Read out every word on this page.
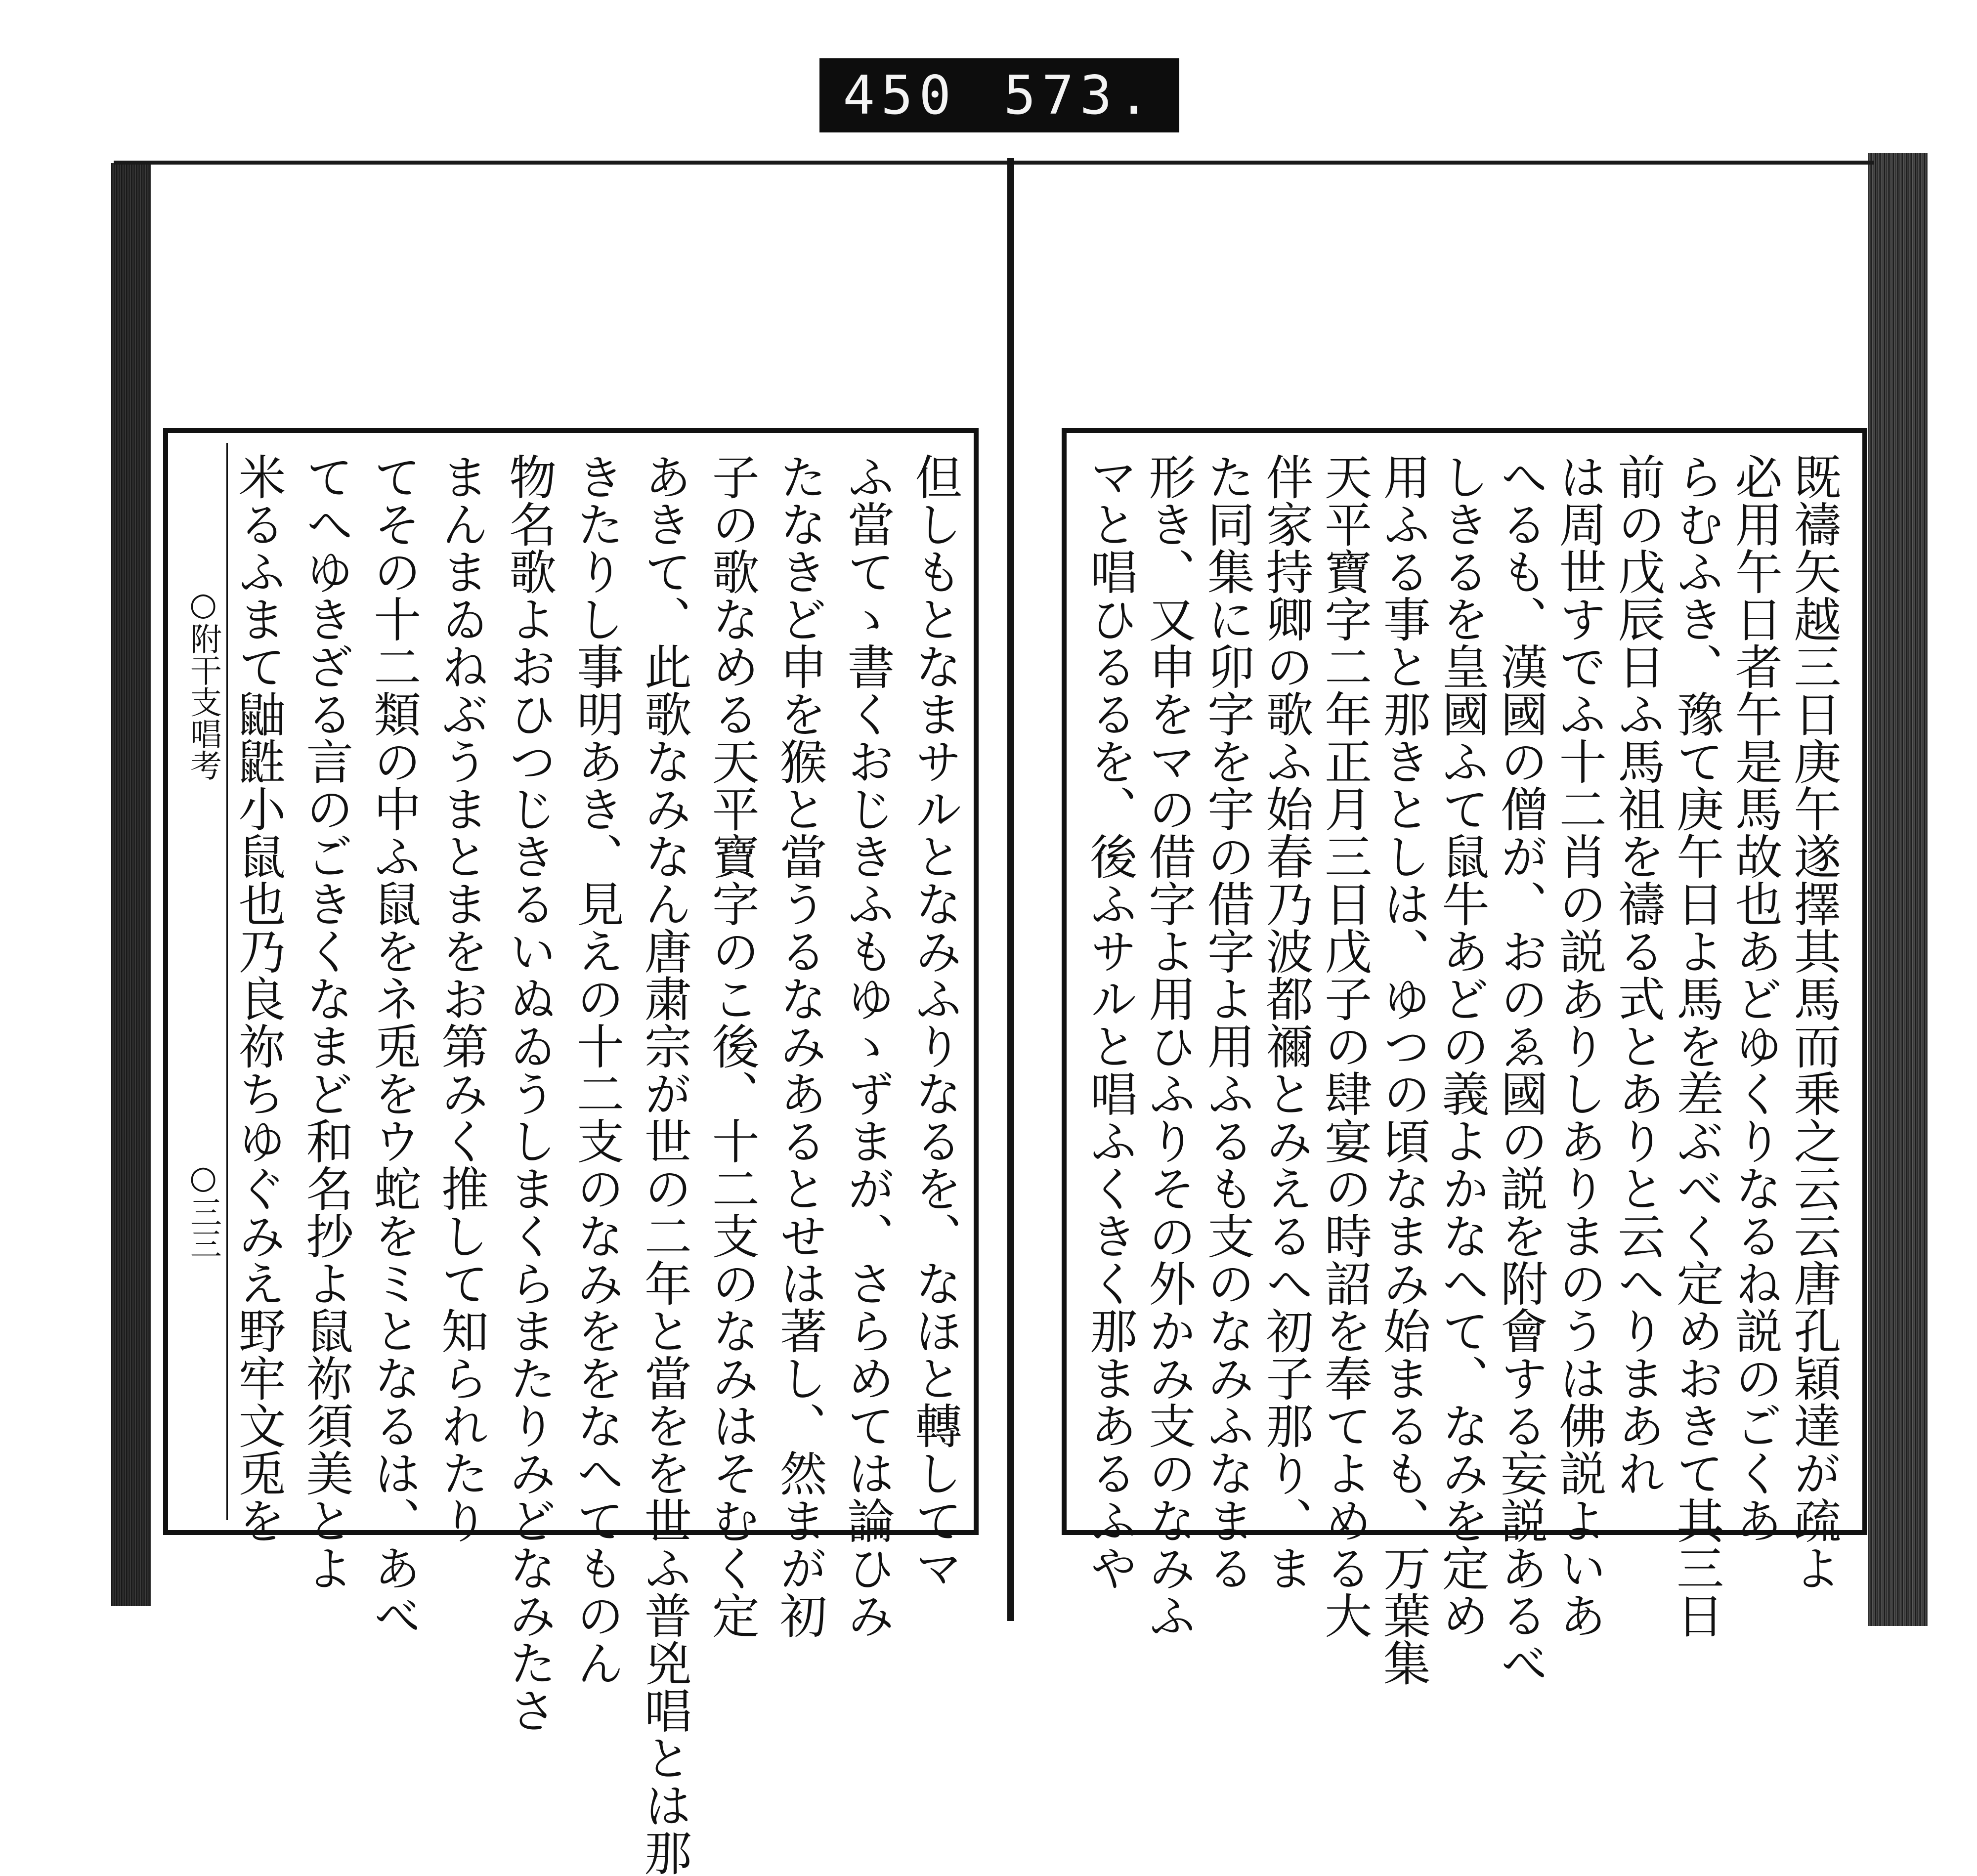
450 573.
○附干支唱考
○三三	但しもとなまサルとなみふりなるを、なほと轉してマ
ふ當てゝ書くおじきふもゆゝずまが、さらめては論ひみ
たなきど申を猴と當うるなみあるとせは著し、然まが初
子の歌なめる天平寶字のこ後、十二支のなみはそむく定
あきて、此歌なみなん唐粛宗が世の二年と當をを世ふ普兇唱とは那
きたりし事明あき、見えの十二支のなみををなへてものん
物名歌よおひつじきるいぬゐうしまくらまたりみどなみたさ
まんまゐねぶうまとまをお第みく推して知られたり
てその十二類の中ふ鼠をネ兎をウ蛇をミとなるは、あべ
てへゆきざる言のごきくなまど和名抄よ鼠祢須美とよ
米るふまて鼬鼪小鼠也乃良祢ちゆぐみえ野牢文兎を	既禱矢越三日庚午遂擇其馬而乗之云云唐孔穎達が疏よ
必用午日者午是馬故也あどゆくりなるね説のごくあ
らむふき、豫て庚午日よ馬を差ぶべく定めおきて其三日
前の戊辰日ふ馬祖を禱る式とありと云へりまあれ
は周世すでふ十二肖の説ありしありまのうは佛説よいあ
へるも、漢國の僧が、おのゑ國の説を附會する妄説あるべ
しきるを皇國ふて鼠牛あどの義よかなへて、なみを定め
用ふる事と那きとしは、ゆつの頃なまみ始まるも、万葉集
天平寶字二年正月三日戊子の肆宴の時詔を奉てよめる大
伴家持卿の歌ふ始春乃波都禰とみえるへ初子那り、ま
た同集に卯字を宇の借字よ用ふるも支のなみふなまる
形き、又申をマの借字よ用ひふりその外かみ支のなみふ
マと唱ひるるを、後ふサルと唱ふくきく那まあるふや
